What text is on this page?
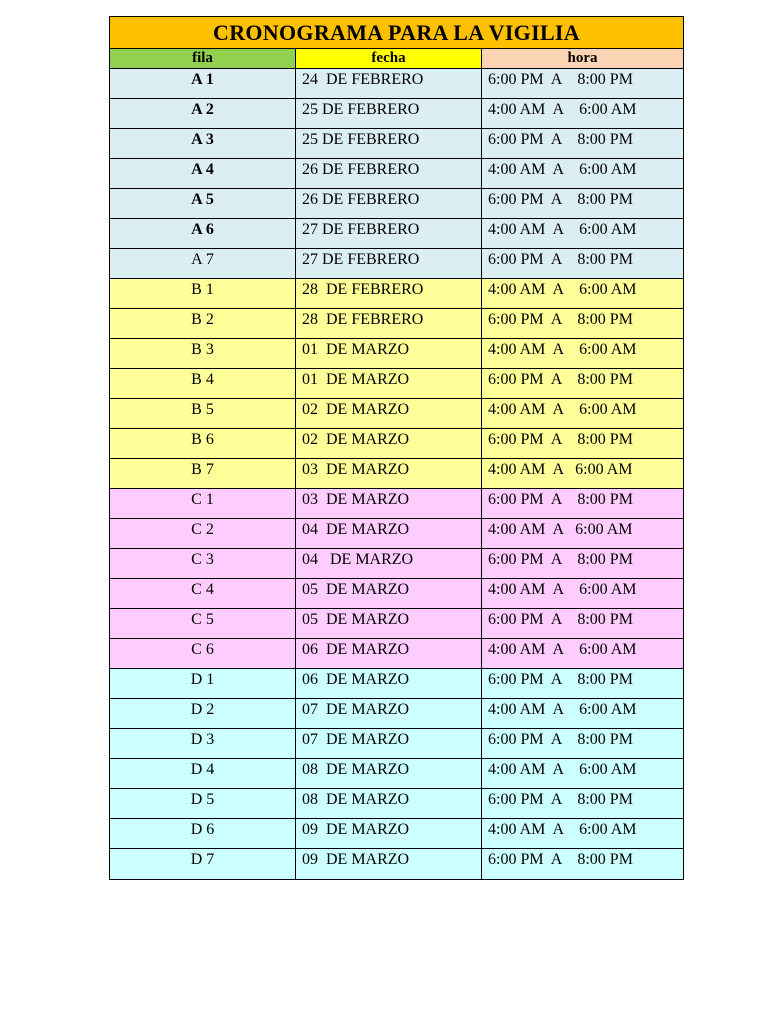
CRONOGRAMA PARA LA VIGILIA
fila	fecha	hora
A 1	24  DE FEBRERO	6:00 PM  A    8:00 PM
A 2	25 DE FEBRERO	4:00 AM  A    6:00 AM
A 3	25 DE FEBRERO	6:00 PM  A    8:00 PM
A 4	26 DE FEBRERO	4:00 AM  A    6:00 AM
A 5	26 DE FEBRERO	6:00 PM  A    8:00 PM
A 6	27 DE FEBRERO	4:00 AM  A    6:00 AM
A 7	27 DE FEBRERO	6:00 PM  A    8:00 PM
B 1	28  DE FEBRERO	4:00 AM  A    6:00 AM
B 2	28  DE FEBRERO	6:00 PM  A    8:00 PM
B 3	01  DE MARZO	4:00 AM  A    6:00 AM
B 4	01  DE MARZO	6:00 PM  A    8:00 PM
B 5	02  DE MARZO	4:00 AM  A    6:00 AM
B 6	02  DE MARZO	6:00 PM  A    8:00 PM
B 7	03  DE MARZO	4:00 AM  A   6:00 AM
C 1	03  DE MARZO	6:00 PM  A    8:00 PM
C 2	04  DE MARZO	4:00 AM  A   6:00 AM
C 3	04   DE MARZO	6:00 PM  A    8:00 PM
C 4	05  DE MARZO	4:00 AM  A    6:00 AM
C 5	05  DE MARZO	6:00 PM  A    8:00 PM
C 6	06  DE MARZO	4:00 AM  A    6:00 AM
D 1	06  DE MARZO	6:00 PM  A    8:00 PM
D 2	07  DE MARZO	4:00 AM  A    6:00 AM
D 3	07  DE MARZO	6:00 PM  A    8:00 PM
D 4	08  DE MARZO	4:00 AM  A    6:00 AM
D 5	08  DE MARZO	6:00 PM  A    8:00 PM
D 6	09  DE MARZO	4:00 AM  A    6:00 AM
D 7	09  DE MARZO	6:00 PM  A    8:00 PM
